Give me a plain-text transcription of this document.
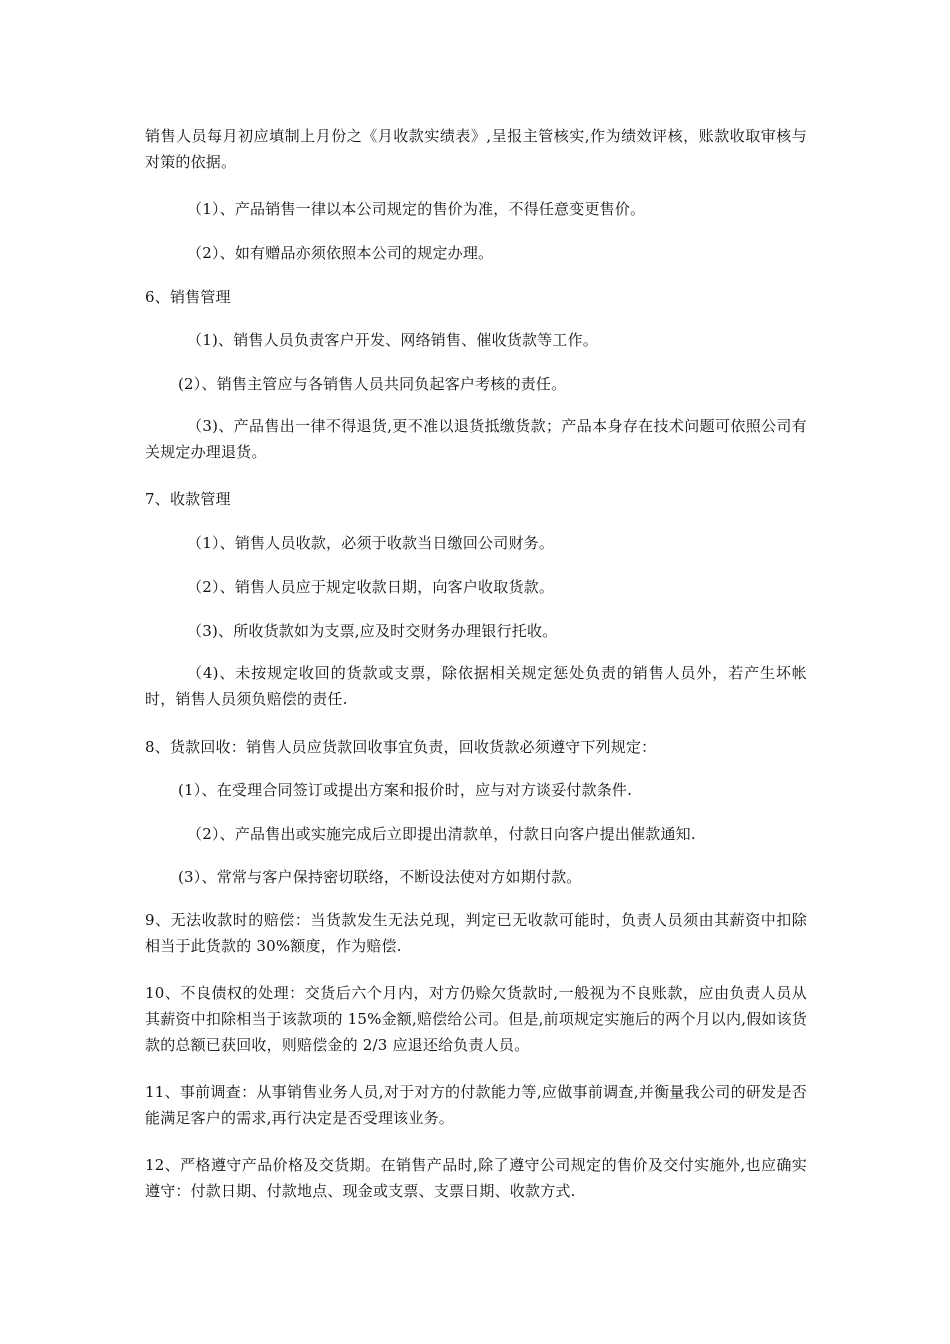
销售人员每月初应填制上月份之《月收款实绩表》,呈报主管核实,作为绩效评核，账款收取审核与对策的依据。
（1）、产品销售一律以本公司规定的售价为准，不得任意变更售价。
（2）、如有赠品亦须依照本公司的规定办理。
6、销售管理
（1)、销售人员负责客户开发、网络销售、催收货款等工作。
(2）、销售主管应与各销售人员共同负起客户考核的责任。
（3)、产品售出一律不得退货,更不准以退货抵缴货款；产品本身存在技术问题可依照公司有关规定办理退货。
7、收款管理
（1）、销售人员收款，必须于收款当日缴回公司财务。
（2）、销售人员应于规定收款日期，向客户收取货款。
（3)、所收货款如为支票,应及时交财务办理银行托收。
（4)、未按规定收回的货款或支票，除依据相关规定惩处负责的销售人员外，若产生坏帐时，销售人员须负赔偿的责任.
8、货款回收：销售人员应货款回收事宜负责，回收货款必须遵守下列规定：
(1）、在受理合同签订或提出方案和报价时，应与对方谈妥付款条件.
（2）、产品售出或实施完成后立即提出清款单，付款日向客户提出催款通知.
(3）、常常与客户保持密切联络，不断设法使对方如期付款。
9、无法收款时的赔偿：当货款发生无法兑现，判定已无收款可能时，负责人员须由其薪资中扣除相当于此货款的 30%额度，作为赔偿.
10、不良债权的处理：交货后六个月内，对方仍赊欠货款时,一般视为不良账款，应由负责人员从其薪资中扣除相当于该款项的 15%金额,赔偿给公司。但是,前项规定实施后的两个月以内,假如该货款的总额已获回收，则赔偿金的 2/3 应退还给负责人员。
11、事前调查：从事销售业务人员,对于对方的付款能力等,应做事前调查,并衡量我公司的研发是否能满足客户的需求,再行决定是否受理该业务。
12、严格遵守产品价格及交货期。在销售产品时,除了遵守公司规定的售价及交付实施外,也应确实遵守：付款日期、付款地点、现金或支票、支票日期、收款方式.
